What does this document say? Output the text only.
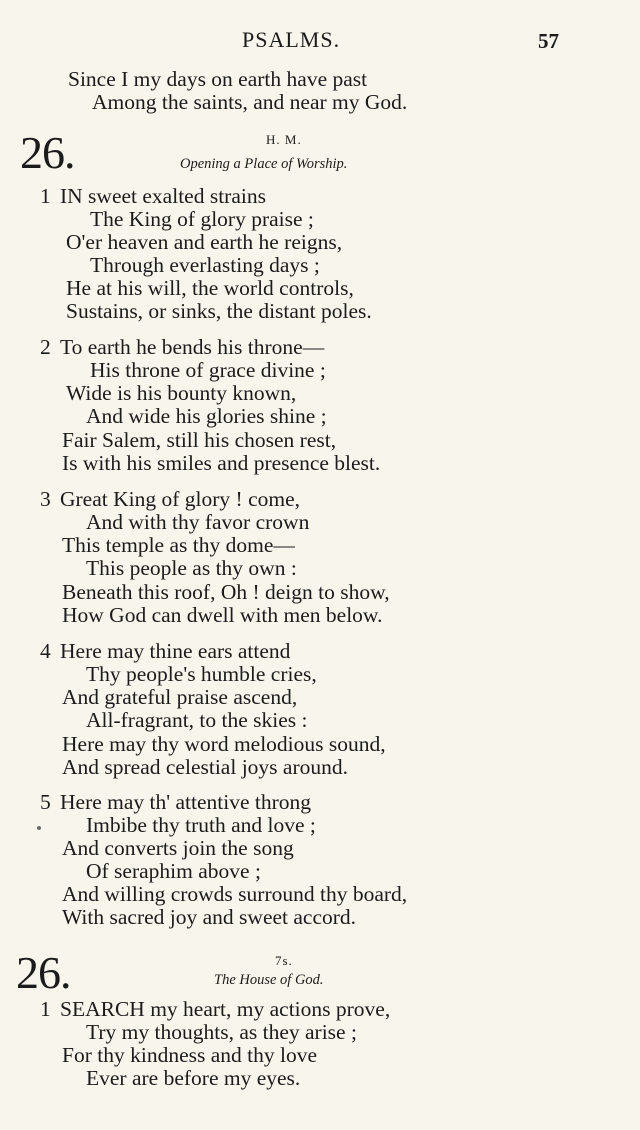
PSALMS.	57
Since I my days on earth have past
Among the saints, and near my God.
26.	H. M.
Opening a Place of Worship.
1 IN sweet exalted strains
The King of glory praise ;
O'er heaven and earth he reigns,
Through everlasting days ;
He at his will, the world controls,
Sustains, or sinks, the distant poles.
2 To earth he bends his throne—
His throne of grace divine ;
Wide is his bounty known,
And wide his glories shine ;
Fair Salem, still his chosen rest,
Is with his smiles and presence blest.
3 Great King of glory ! come,
And with thy favor crown
This temple as thy dome—
This people as thy own :
Beneath this roof, Oh ! deign to show,
How God can dwell with men below.
4 Here may thine ears attend
Thy people's humble cries,
And grateful praise ascend,
All-fragrant, to the skies :
Here may thy word melodious sound,
And spread celestial joys around.
5 Here may th' attentive throng
Imbibe thy truth and love ;
And converts join the song
Of seraphim above ;
And willing crowds surround thy board,
With sacred joy and sweet accord.
26.	7s.
The House of God.
1 SEARCH my heart, my actions prove,
Try my thoughts, as they arise ;
For thy kindness and thy love
Ever are before my eyes.
